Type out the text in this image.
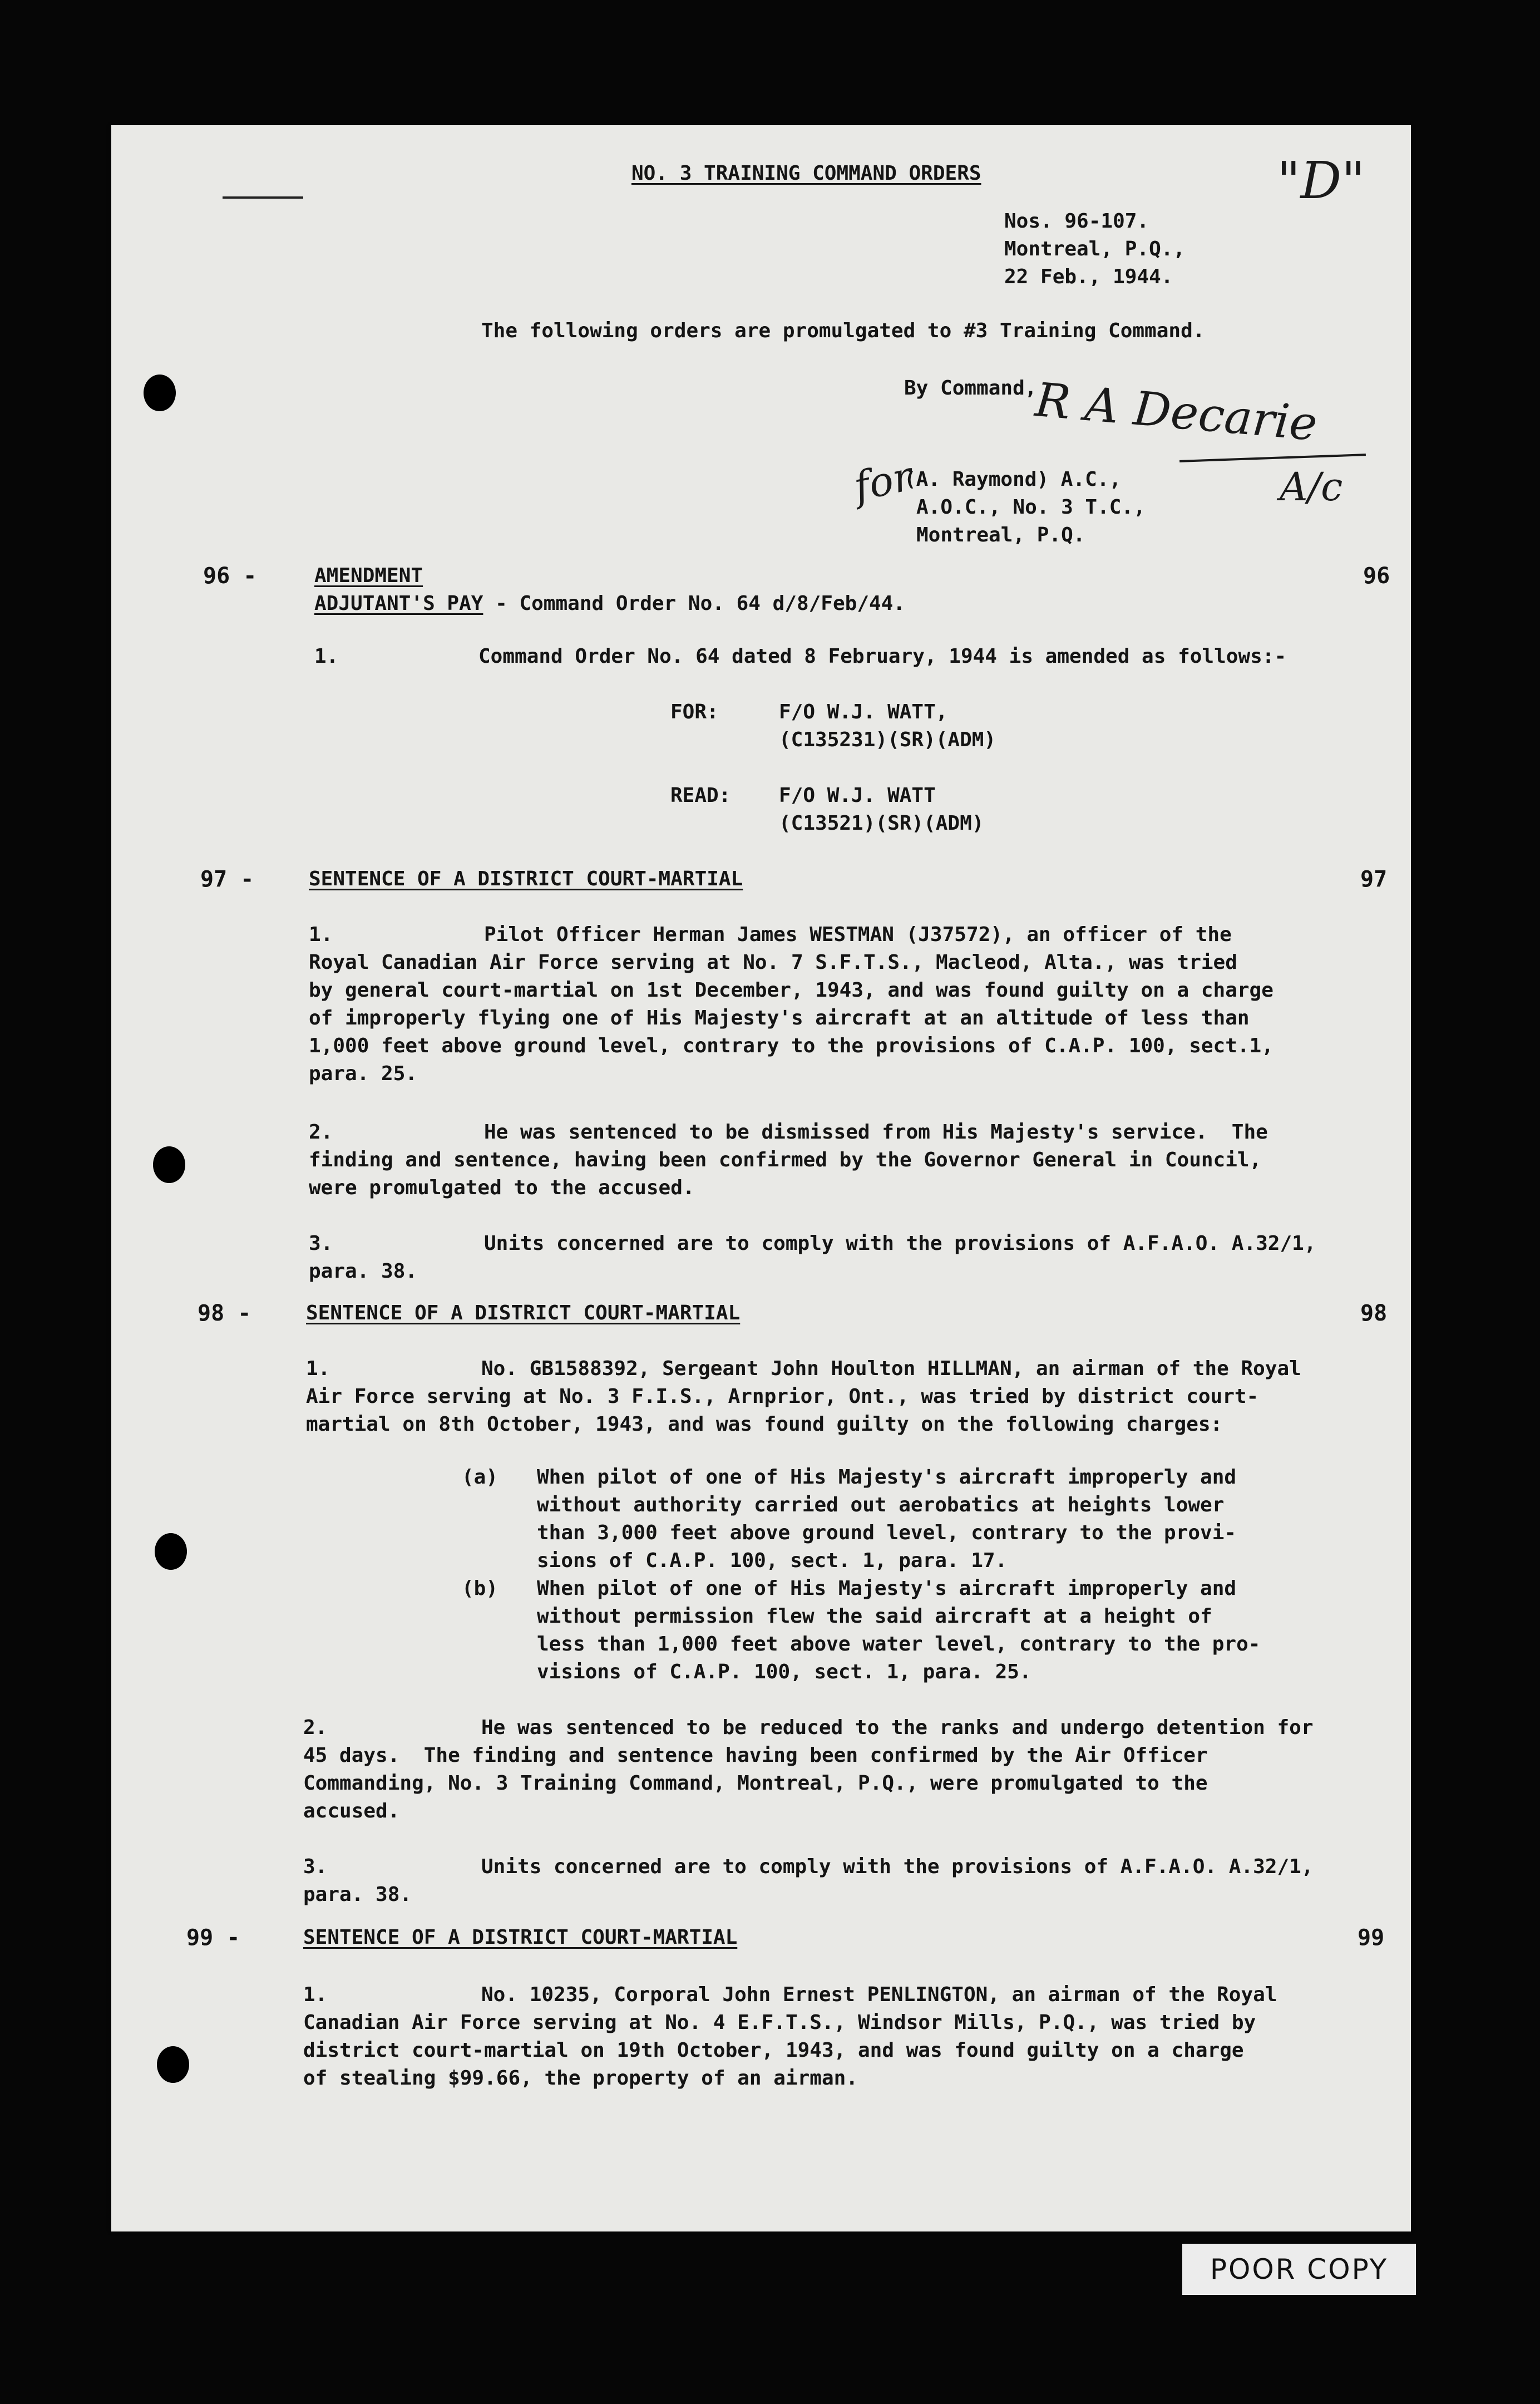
NO. 3 TRAINING COMMAND ORDERS	"D"
Nos. 96-107.
Montreal, P.Q.,
22 Feb., 1944.
The following orders are promulgated to #3 Training Command.
By Command,
R A Decarie
A/c
for
(A. Raymond) A.C.,
A.O.C., No. 3 T.C.,
Montreal, P.Q.
96 -	AMENDMENT	96
ADJUTANT'S PAY - Command Order No. 64 d/8/Feb/44.
1.	Command Order No. 64 dated 8 February, 1944 is amended as follows:-
FOR:	F/O W.J. WATT,
(C135231)(SR)(ADM)
READ: F/O W.J. WATT
(C13521)(SR)(ADM)
97 -	SENTENCE OF A DISTRICT COURT-MARTIAL	97
1.	Pilot Officer Herman James WESTMAN (J37572), an officer of the
Royal Canadian Air Force serving at No. 7 S.F.T.S., Macleod, Alta., was tried
by general court-martial on 1st December, 1943, and was found guilty on a charge
of improperly flying one of His Majesty's aircraft at an altitude of less than
1,000 feet above ground level, contrary to the provisions of C.A.P. 100, sect.1,
para. 25.
2.	He was sentenced to be dismissed from His Majesty's service.  The
finding and sentence, having been confirmed by the Governor General in Council,
were promulgated to the accused.
3.	Units concerned are to comply with the provisions of A.F.A.O. A.32/1,
para. 38.
98 -	SENTENCE OF A DISTRICT COURT-MARTIAL	98
1.	No. GB1588392, Sergeant John Houlton HILLMAN, an airman of the Royal
Air Force serving at No. 3 F.I.S., Arnprior, Ont., was tried by district court-
martial on 8th October, 1943, and was found guilty on the following charges:
(a) When pilot of one of His Majesty's aircraft improperly and
without authority carried out aerobatics at heights lower
than 3,000 feet above ground level, contrary to the provi-
sions of C.A.P. 100, sect. 1, para. 17.
(b) When pilot of one of His Majesty's aircraft improperly and
without permission flew the said aircraft at a height of
less than 1,000 feet above water level, contrary to the pro-
visions of C.A.P. 100, sect. 1, para. 25.
2.	He was sentenced to be reduced to the ranks and undergo detention for
45 days.  The finding and sentence having been confirmed by the Air Officer
Commanding, No. 3 Training Command, Montreal, P.Q., were promulgated to the
accused.
3.	Units concerned are to comply with the provisions of A.F.A.O. A.32/1,
para. 38.
99 -	SENTENCE OF A DISTRICT COURT-MARTIAL	99
1.	No. 10235, Corporal John Ernest PENLINGTON, an airman of the Royal
Canadian Air Force serving at No. 4 E.F.T.S., Windsor Mills, P.Q., was tried by
district court-martial on 19th October, 1943, and was found guilty on a charge
of stealing $99.66, the property of an airman.
POOR COPY
